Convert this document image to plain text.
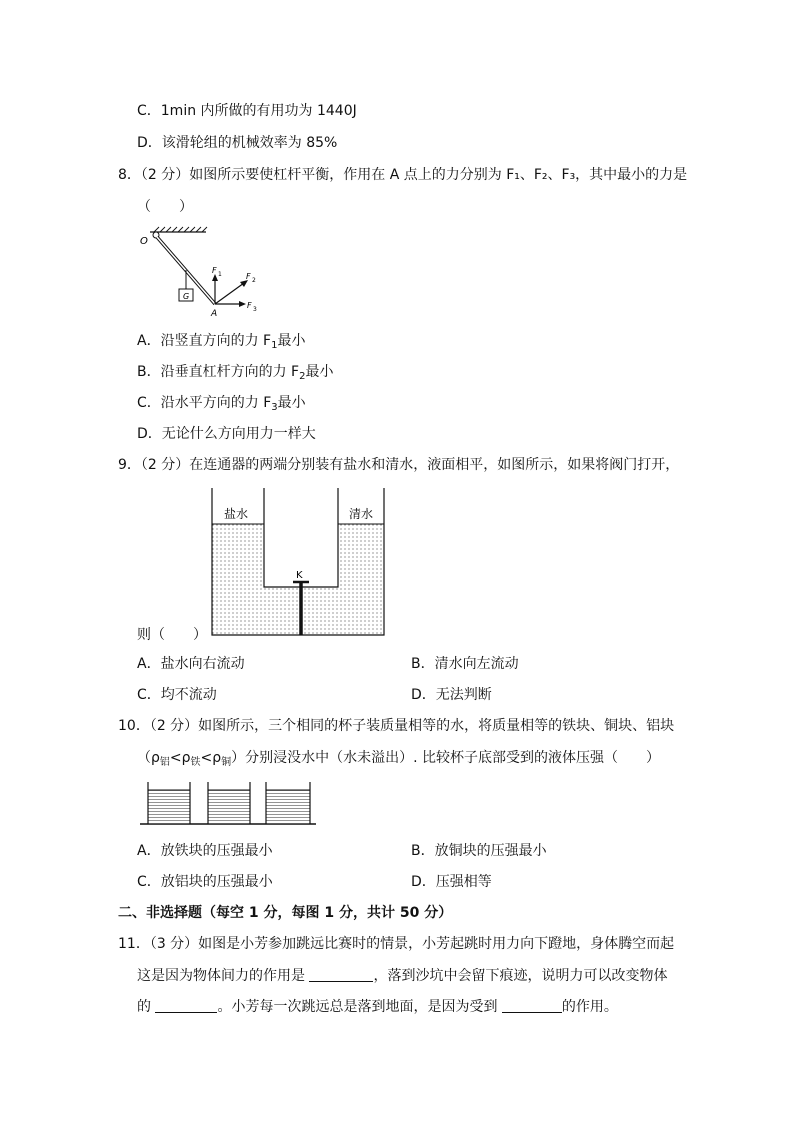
C．1min 内所做的有用功为 1440J
D．该滑轮组的机械效率为 85%
8．（2 分）如图所示要使杠杆平衡，作用在 A 点上的力分别为 F₁、F₂、F₃，其中最小的力是
（　　）
O
G
A
F 1	F 2
F 3
A．沿竖直方向的力 $F_1$最小
B．沿垂直杠杆方向的力 $F_2$最小
C．沿水平方向的力 $F_3$最小
D．无论什么方向用力一样大
9．（2 分）在连通器的两端分别装有盐水和清水，液面相平，如图所示，如果将阀门打开，
盐水	清水
K
则（　　）
A．盐水向右流动	B．清水向左流动
C．均不流动	D．无法判断
10．（2 分）如图所示，三个相同的杯子装质量相等的水，将质量相等的铁块、铜块、铝块
$(\rho_铝<\rho_铁<\rho_铜)$分别浸没水中（水未溢出）. 比较杯子底部受到的液体压强（　　）
A．放铁块的压强最小	B．放铜块的压强最小
C．放铝块的压强最小	D．压强相等
二、非选择题（每空 1 分，每图 1 分，共计 50 分）
11．（3 分）如图是小芳参加跳远比赛时的情景，小芳起跳时用力向下蹬地，身体腾空而起
这是因为物体间力的作用是	，落到沙坑中会留下痕迹，说明力可以改变物体
的	。小芳每一次跳远总是落到地面，是因为受到	的作用。
